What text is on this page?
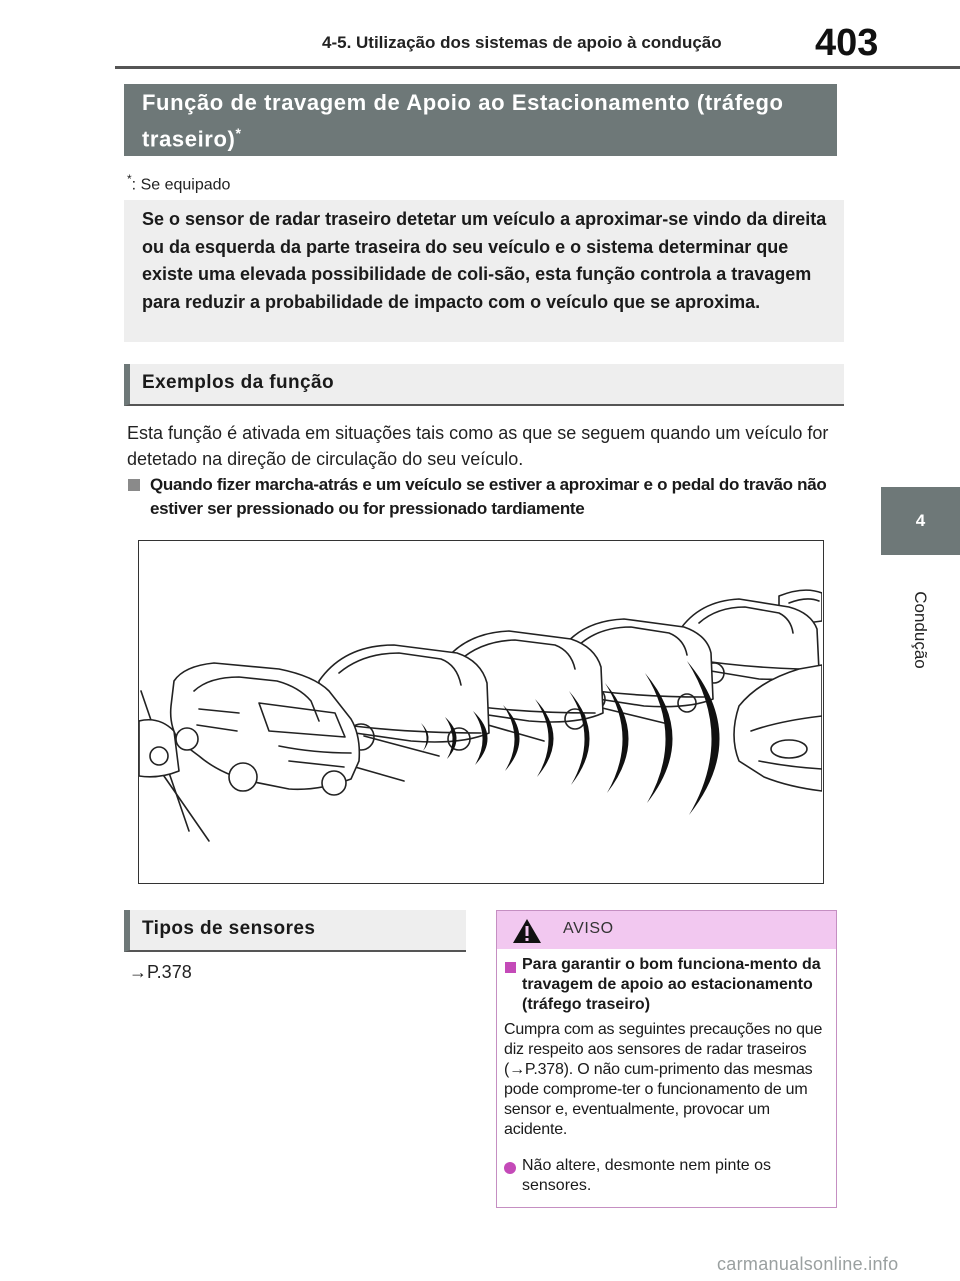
4-5. Utilização dos sistemas de apoio à condução 403
4
Condução
Função de travagem de Apoio ao Estacionamento (tráfego traseiro)*
*: Se equipado
Se o sensor de radar traseiro detetar um veículo a aproximar-se vindo da direita ou da esquerda da parte traseira do seu veículo e o sistema determinar que existe uma elevada possibilidade de coli-são, esta função controla a travagem para reduzir a probabilidade de impacto com o veículo que se aproxima.
Exemplos da função
Esta função é ativada em situações tais como as que se seguem quando um veículo for detetado na direção de circulação do seu veículo.
Quando fizer marcha-atrás e um veículo se estiver a aproximar e o pedal do travão não estiver ser pressionado ou for pressionado tardiamente
Tipos de sensores
→P.378
AVISO
Para garantir o bom funciona-mento da travagem de apoio ao estacionamento (tráfego traseiro)
Cumpra com as seguintes precauções no que diz respeito aos sensores de radar traseiros (→P.378). O não cum-primento das mesmas pode comprome-ter o funcionamento de um sensor e, eventualmente, provocar um acidente.
Não altere, desmonte nem pinte os sensores.
carmanualsonline.info
